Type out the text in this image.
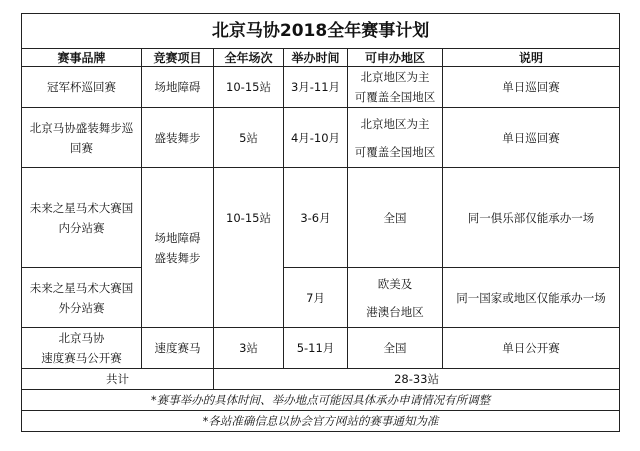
北京马协2018全年赛事计划					
赛事品牌	竞赛项目	全年场次	举办时间	可申办地区	说明

冠军杯巡回赛	场地障碍	10-15站	3月-11月	北京地区为主
可覆盖全国地区	单日巡回赛

北京马协盛装舞步巡
回赛	盛装舞步	5站	4月-10月	北京地区为主
可覆盖全国地区	单日巡回赛

未来之星马术大赛国
内分站赛	场地障碍
盛装舞步	10-15站	3-6月	全国	同一俱乐部仅能承办一场

未来之星马术大赛国
外分站赛			7月	欧美及
港澳台地区	同一国家或地区仅能承办一场

北京马协
速度赛马公开赛	速度赛马	3站	5-11月	全国	单日公开赛
共计		28-33站			
*赛事举办的具体时间、举办地点可能因具体承办申请情况有所调整					
*各站准确信息以协会官方网站的赛事通知为准					
